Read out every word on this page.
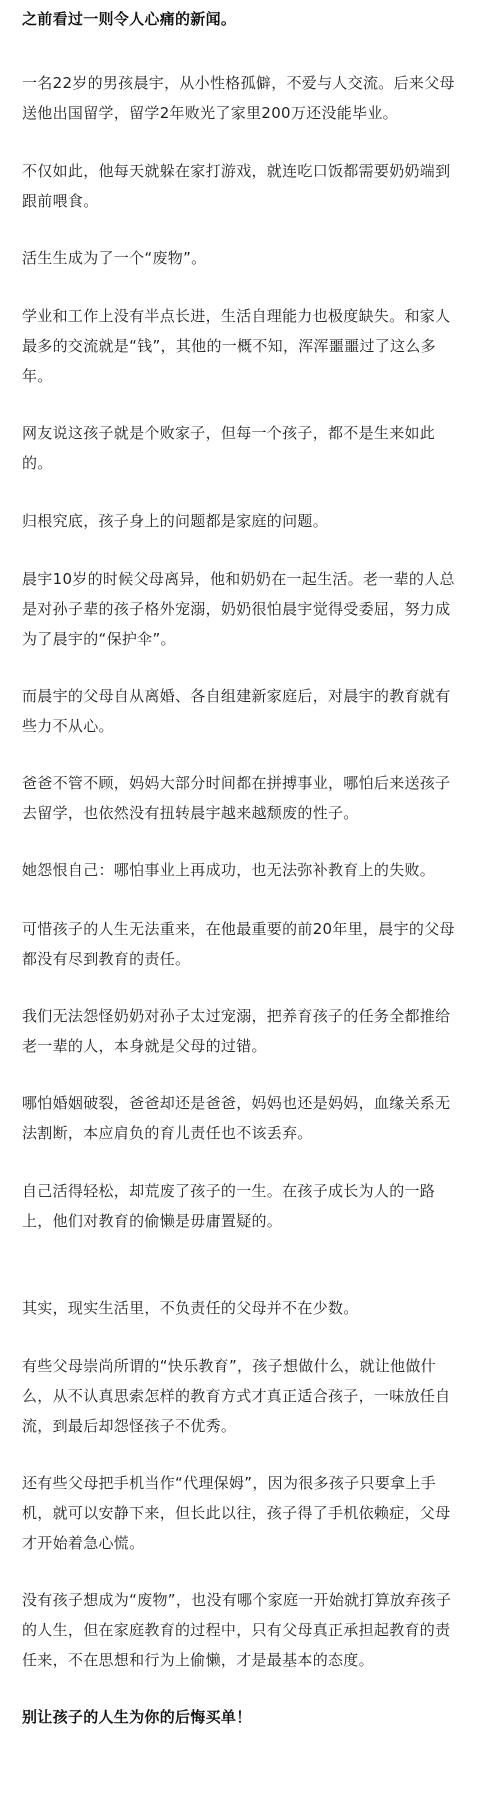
之前看过一则令人心痛的新闻。

一名22岁的男孩晨宇，从小性格孤僻，不爱与人交流。后来父母送他出国留学，留学2年败光了家里200万还没能毕业。

不仅如此，他每天就躲在家打游戏，就连吃口饭都需要奶奶端到跟前喂食。

活生生成为了一个“废物”。

学业和工作上没有半点长进，生活自理能力也极度缺失。和家人最多的交流就是“钱”，其他的一概不知，浑浑噩噩过了这么多年。

网友说这孩子就是个败家子，但每一个孩子，都不是生来如此的。

归根究底，孩子身上的问题都是家庭的问题。

晨宇10岁的时候父母离异，他和奶奶在一起生活。老一辈的人总是对孙子辈的孩子格外宠溺，奶奶很怕晨宇觉得受委屈，努力成为了晨宇的“保护伞”。

而晨宇的父母自从离婚、各自组建新家庭后，对晨宇的教育就有些力不从心。

爸爸不管不顾，妈妈大部分时间都在拼搏事业，哪怕后来送孩子去留学，也依然没有扭转晨宇越来越颓废的性子。

她怨恨自己：哪怕事业上再成功，也无法弥补教育上的失败。

可惜孩子的人生无法重来，在他最重要的前20年里，晨宇的父母都没有尽到教育的责任。

我们无法怨怪奶奶对孙子太过宠溺，把养育孩子的任务全都推给老一辈的人，本身就是父母的过错。

哪怕婚姻破裂，爸爸却还是爸爸，妈妈也还是妈妈，血缘关系无法割断，本应肩负的育儿责任也不该丢弃。

自己活得轻松，却荒废了孩子的一生。在孩子成长为人的一路上，他们对教育的偷懒是毋庸置疑的。

其实，现实生活里，不负责任的父母并不在少数。

有些父母崇尚所谓的“快乐教育”，孩子想做什么，就让他做什么，从不认真思索怎样的教育方式才真正适合孩子，一味放任自流，到最后却怨怪孩子不优秀。

还有些父母把手机当作“代理保姆”，因为很多孩子只要拿上手机，就可以安静下来，但长此以往，孩子得了手机依赖症，父母才开始着急心慌。

没有孩子想成为“废物”，也没有哪个家庭一开始就打算放弃孩子的人生，但在家庭教育的过程中，只有父母真正承担起教育的责任来，不在思想和行为上偷懒，才是最基本的态度。

别让孩子的人生为你的后悔买单！
